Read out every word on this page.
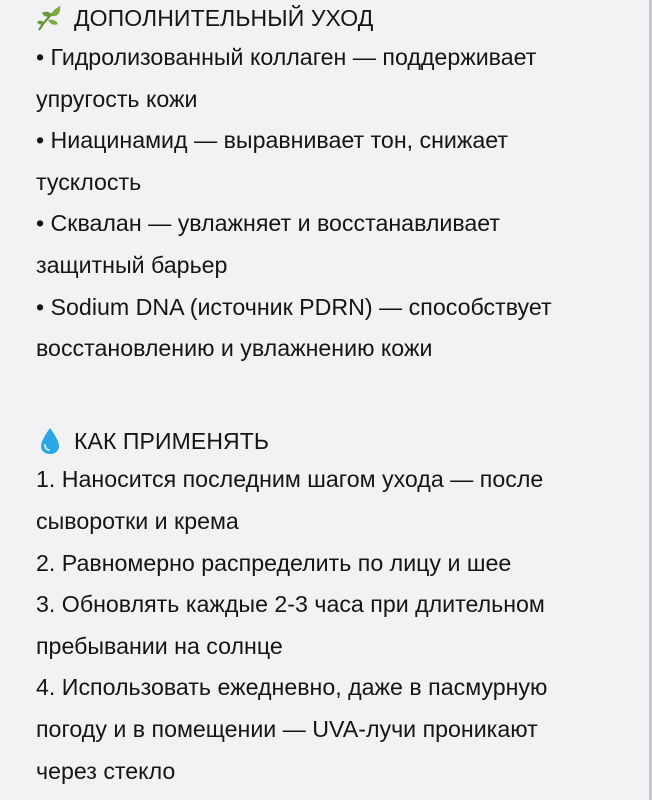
ДОПОЛНИТЕЛЬНЫЙ УХОД
• Гидролизованный коллаген — поддерживает
упругость кожи
• Ниацинамид — выравнивает тон, снижает
тусклость
• Сквалан — увлажняет и восстанавливает
защитный барьер
• Sodium DNA (источник PDRN) — способствует
восстановлению и увлажнению кожи
КАК ПРИМЕНЯТЬ
1. Наносится последним шагом ухода — после
сыворотки и крема
2. Равномерно распределить по лицу и шее
3. Обновлять каждые 2-3 часа при длительном
пребывании на солнце
4. Использовать ежедневно, даже в пасмурную
погоду и в помещении — UVA-лучи проникают
через стекло
